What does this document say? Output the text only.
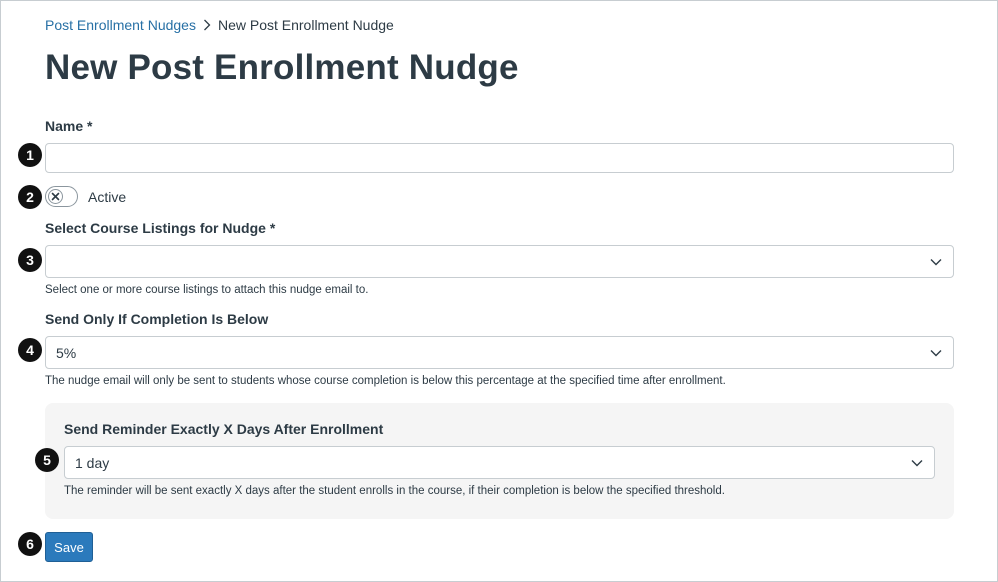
Post Enrollment Nudges New Post Enrollment Nudge
New Post Enrollment Nudge
Name *
1
2	Active
Select Course Listings for Nudge *
3
Select one or more course listings to attach this nudge email to.
Send Only If Completion Is Below
4	5%
The nudge email will only be sent to students whose course completion is below this percentage at the specified time after enrollment.
Send Reminder Exactly X Days After Enrollment
5	1 day
The reminder will be sent exactly X days after the student enrolls in the course, if their completion is below the specified threshold.
6	Save
